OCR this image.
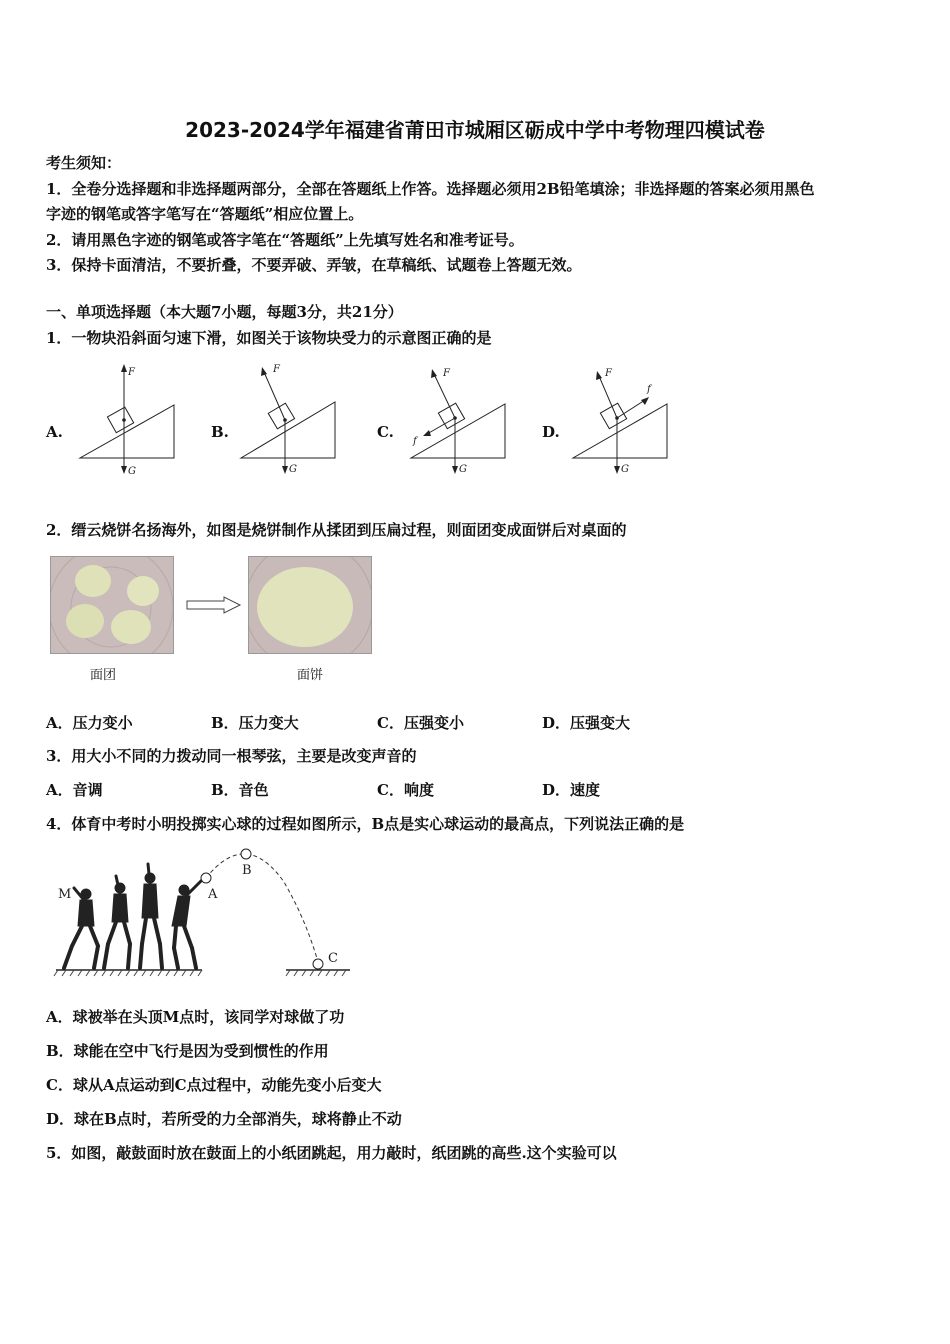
2023-2024学年福建省莆田市城厢区砺成中学中考物理四模试卷
考生须知：
1．全卷分选择题和非选择题两部分，全部在答题纸上作答。选择题必须用2B铅笔填涂；非选择题的答案必须用黑色
字迹的钢笔或答字笔写在“答题纸”相应位置上。
2．请用黑色字迹的钢笔或答字笔在“答题纸”上先填写姓名和准考证号。
3．保持卡面清洁，不要折叠，不要弄破、弄皱，在草稿纸、试题卷上答题无效。
一、单项选择题（本大题7小题，每题3分，共21分）
1．一物块沿斜面匀速下滑，如图关于该物块受力的示意图正确的是
A.	B.	C.	D.
F
G
F
G
F
G
f
F
G
f
2．缙云烧饼名扬海外，如图是烧饼制作从揉团到压扁过程，则面团变成面饼后对桌面的
面团	面饼
A．压力变小	B．压力变大	C．压强变小	D．压强变大
3．用大小不同的力拨动同一根琴弦，主要是改变声音的
A．音调	B．音色	C．响度	D．速度
4．体育中考时小明投掷实心球的过程如图所示，B点是实心球运动的最高点，下列说法正确的是
M	A
B
C
A．球被举在头顶M点时，该同学对球做了功
B．球能在空中飞行是因为受到惯性的作用
C．球从A点运动到C点过程中，动能先变小后变大
D．球在B点时，若所受的力全部消失，球将静止不动
5．如图，敲鼓面时放在鼓面上的小纸团跳起，用力敲时，纸团跳的高些.这个实验可以
